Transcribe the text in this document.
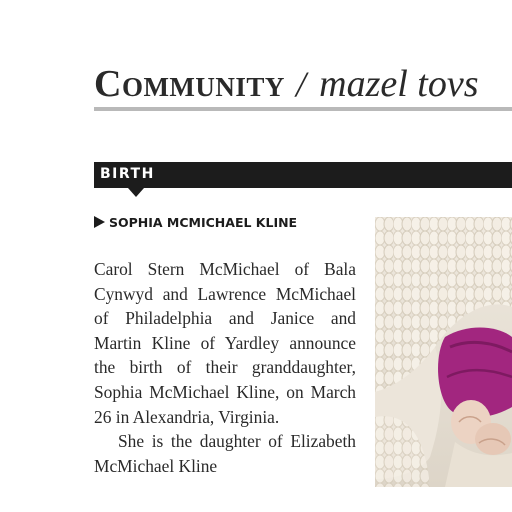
Community / mazel tovs
BIRTH
SOPHIA MCMICHAEL KLINE

Carol Stern McMichael of Bala Cynwyd and Lawrence McMichael of Philadelphia and Janice and Martin Kline of Yardley announce the birth of their granddaughter, Sophia McMichael Kline, on March 26 in Alexandria, Virginia.

She is the daughter of Elizabeth McMichael Kline
